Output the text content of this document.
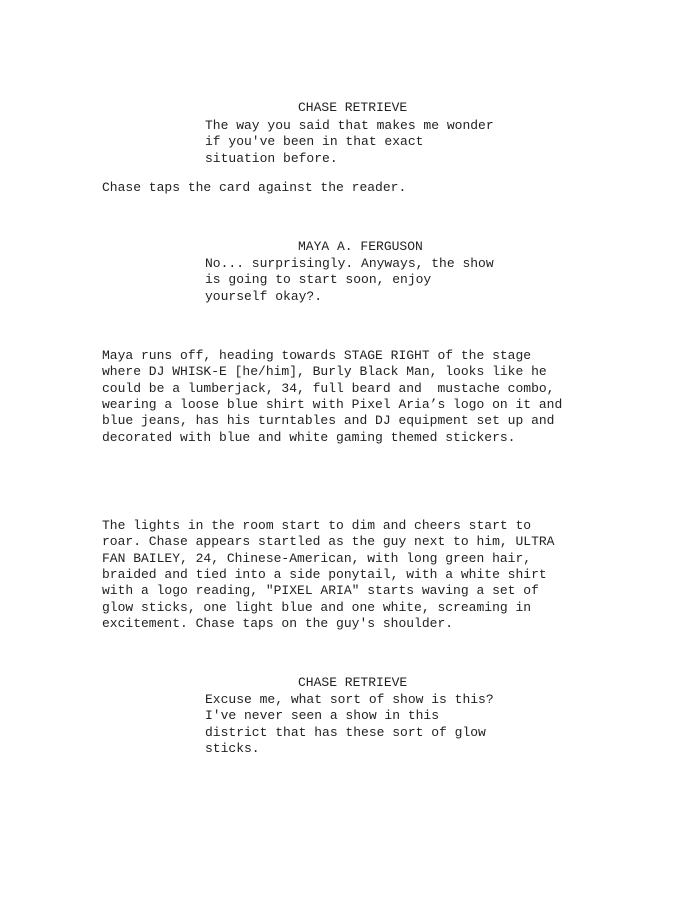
CHASE RETRIEVE
The way you said that makes me wonder
if you've been in that exact
situation before.
Chase taps the card against the reader.
MAYA A. FERGUSON
No... surprisingly. Anyways, the show
is going to start soon, enjoy
yourself okay?.
Maya runs off, heading towards STAGE RIGHT of the stage
where DJ WHISK-E [he/him], Burly Black Man, looks like he
could be a lumberjack, 34, full beard and  mustache combo,
wearing a loose blue shirt with Pixel Aria’s logo on it and
blue jeans, has his turntables and DJ equipment set up and
decorated with blue and white gaming themed stickers.
The lights in the room start to dim and cheers start to
roar. Chase appears startled as the guy next to him, ULTRA
FAN BAILEY, 24, Chinese-American, with long green hair,
braided and tied into a side ponytail, with a white shirt
with a logo reading, "PIXEL ARIA" starts waving a set of
glow sticks, one light blue and one white, screaming in
excitement. Chase taps on the guy's shoulder.
CHASE RETRIEVE
Excuse me, what sort of show is this?
I've never seen a show in this
district that has these sort of glow
sticks.
